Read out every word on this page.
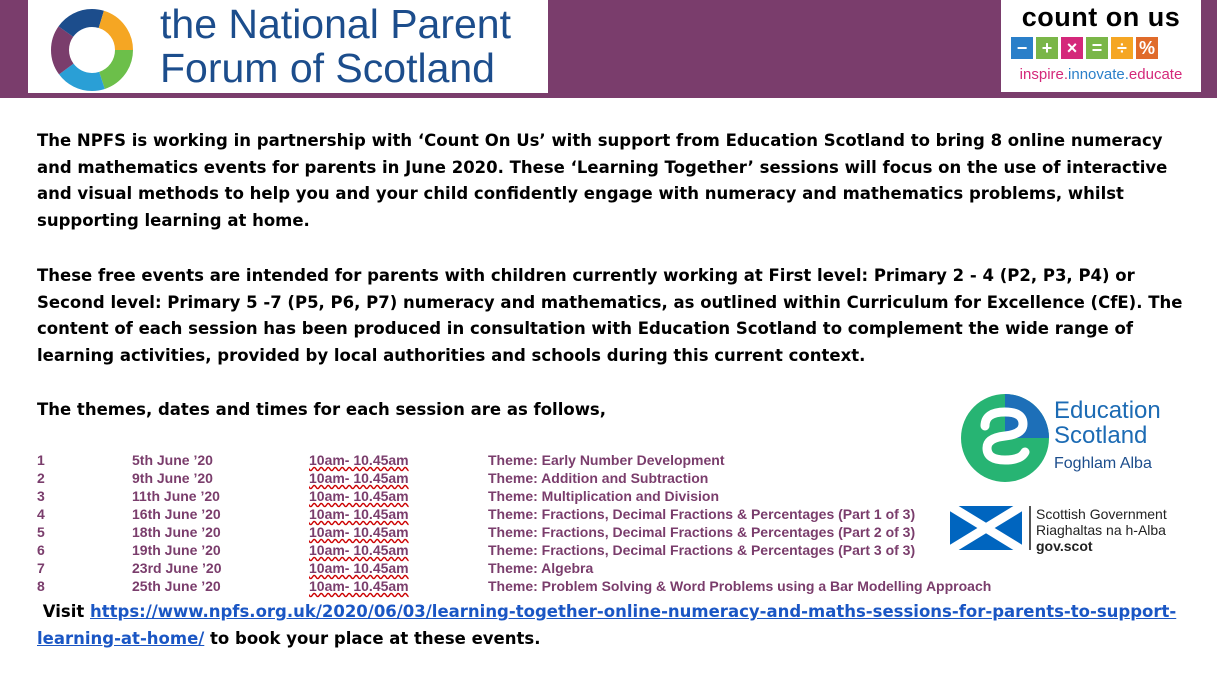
the National Parent
Forum of Scotland
count on us
− + × = ÷ %
inspire.innovate.educate

The NPFS is working in partnership with ‘Count On Us’ with support from Education Scotland to bring 8 online numeracy and mathematics events for parents in June 2020. These ‘Learning Together’ sessions will focus on the use of interactive and visual methods to help you and your child confidently engage with numeracy and mathematics problems, whilst supporting learning at home.

These free events are intended for parents with children currently working at First level: Primary 2 - 4 (P2, P3, P4) or Second level: Primary 5 -7 (P5, P6, P7) numeracy and mathematics, as outlined within Curriculum for Excellence (CfE). The content of each session has been produced in consultation with Education Scotland to complement the wide range of learning activities, provided by local authorities and schools during this current context.

The themes, dates and times for each session are as follows,

1	5th June ’20	10am- 10.45am	Theme: Early Number Development
2	9th June ’20	10am- 10.45am	Theme: Addition and Subtraction
3	11th June ’20	10am- 10.45am	Theme: Multiplication and Division
4	16th June ’20	10am- 10.45am	Theme: Fractions, Decimal Fractions & Percentages (Part 1 of 3)
5	18th June ’20	10am- 10.45am	Theme: Fractions, Decimal Fractions & Percentages (Part 2 of 3)
6	19th June ’20	10am- 10.45am	Theme: Fractions, Decimal Fractions & Percentages (Part 3 of 3)
7	23rd June ’20	10am- 10.45am	Theme: Algebra
8	25th June ’20	10am- 10.45am	Theme: Problem Solving & Word Problems using a Bar Modelling Approach
Education
Scotland
Foghlam Alba
Scottish Government
Riaghaltas na h-Alba
gov.scot
Visit https://www.npfs.org.uk/2020/06/03/learning-together-online-numeracy-and-maths-sessions-for-parents-to-support-learning-at-home/ to book your place at these events.
